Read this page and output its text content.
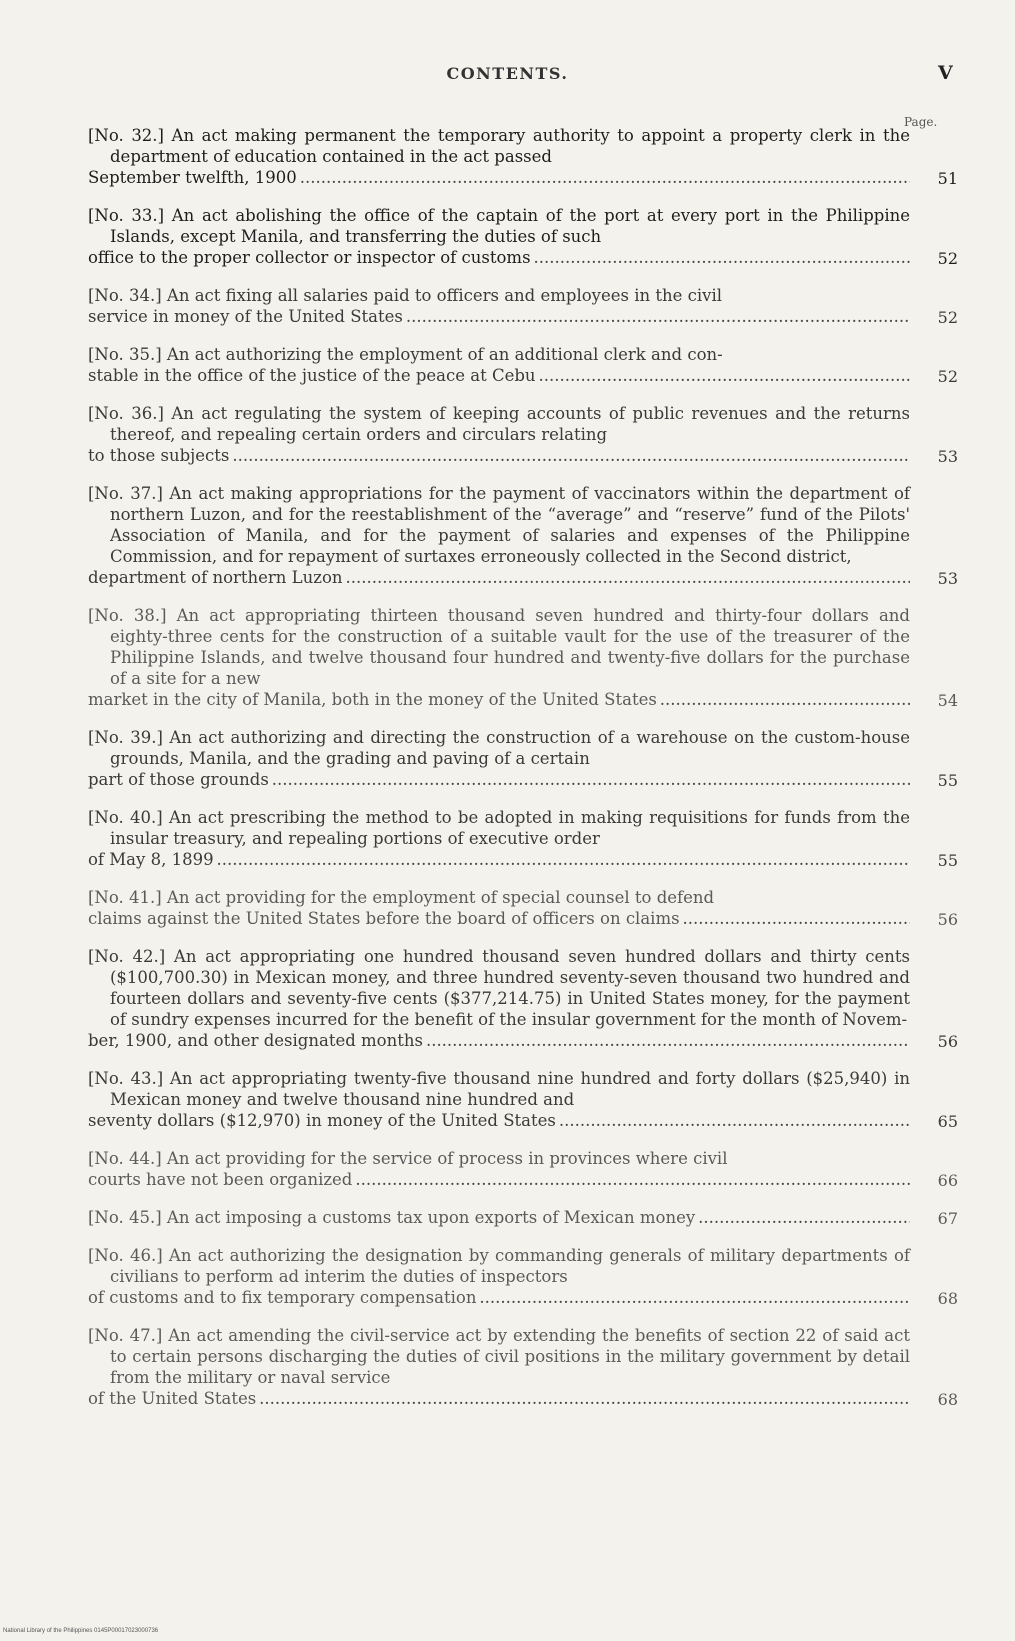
CONTENTS.	V
Page.
[No. 32.] An act making permanent the temporary authority to appoint a property clerk in the department of education contained in the act passed
September twelfth, 1900 .....	51
[No. 33.] An act abolishing the office of the captain of the port at every port in the Philippine Islands, except Manila, and transferring the duties of such
office to the proper collector or inspector of customs .....	52
[No. 34.] An act fixing all salaries paid to officers and employees in the civil
service in money of the United States .....	52
[No. 35.] An act authorizing the employment of an additional clerk and con-
stable in the office of the justice of the peace at Cebu .....	52
[No. 36.] An act regulating the system of keeping accounts of public revenues and the returns thereof, and repealing certain orders and circulars relating
to those subjects .....	53
[No. 37.] An act making appropriations for the payment of vaccinators within the department of northern Luzon, and for the reestablishment of the “average” and “reserve” fund of the Pilots' Association of Manila, and for the payment of salaries and expenses of the Philippine Commission, and for repayment of surtaxes erroneously collected in the Second district,
department of northern Luzon .....	53
[No. 38.] An act appropriating thirteen thousand seven hundred and thirty-four dollars and eighty-three cents for the construction of a suitable vault for the use of the treasurer of the Philippine Islands, and twelve thousand four hundred and twenty-five dollars for the purchase of a site for a new
market in the city of Manila, both in the money of the United States .....	54
[No. 39.] An act authorizing and directing the construction of a warehouse on the custom-house grounds, Manila, and the grading and paving of a certain
part of those grounds .....	55
[No. 40.] An act prescribing the method to be adopted in making requisitions for funds from the insular treasury, and repealing portions of executive order
of May 8, 1899 .....	55
[No. 41.] An act providing for the employment of special counsel to defend
claims against the United States before the board of officers on claims .....	56
[No. 42.] An act appropriating one hundred thousand seven hundred dollars and thirty cents ($100,700.30) in Mexican money, and three hundred seventy-seven thousand two hundred and fourteen dollars and seventy-five cents ($377,214.75) in United States money, for the payment of sundry expenses incurred for the benefit of the insular government for the month of Novem-
ber, 1900, and other designated months .....	56
[No. 43.] An act appropriating twenty-five thousand nine hundred and forty dollars ($25,940) in Mexican money and twelve thousand nine hundred and
seventy dollars ($12,970) in money of the United States .....	65
[No. 44.] An act providing for the service of process in provinces where civil
courts have not been organized .....	66
[No. 45.] An act imposing a customs tax upon exports of Mexican money .....	67
[No. 46.] An act authorizing the designation by commanding generals of military departments of civilians to perform ad interim the duties of inspectors
of customs and to fix temporary compensation .....	68
[No. 47.] An act amending the civil-service act by extending the benefits of section 22 of said act to certain persons discharging the duties of civil positions in the military government by detail from the military or naval service
of the United States .....	68
National Library of the Philippines 0145P00017023000736
